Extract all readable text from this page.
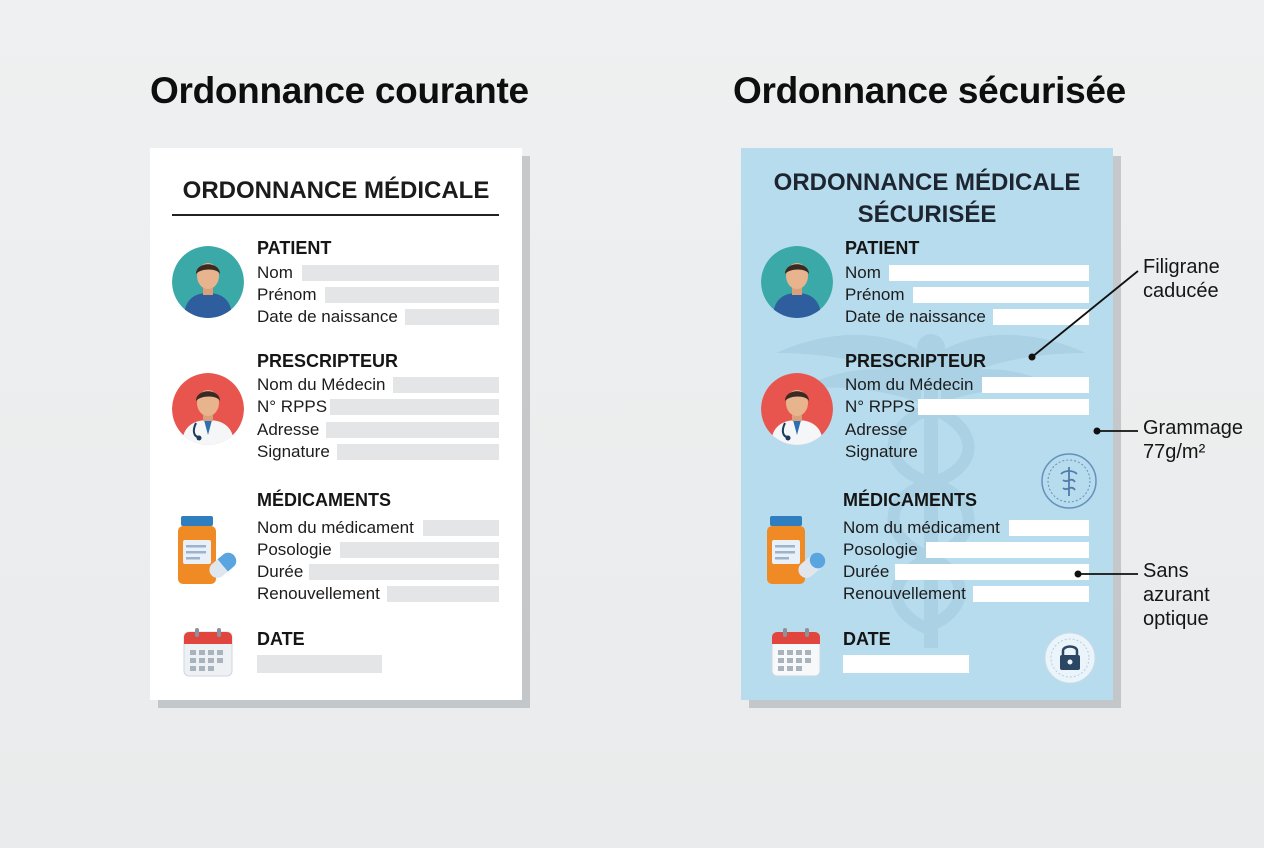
Ordonnance courante	Ordonnance sécurisée
ORDONNANCE MÉDICALE
PATIENT
Nom
Prénom
Date de naissance
PRESCRIPTEUR
Nom du Médecin
N° RPPS
Adresse
Signature
MÉDICAMENTS
Nom du médicament
Posologie
Durée
Renouvellement
DATE
ORDONNANCE MÉDICALE
SÉCURISÉE
PATIENT
Nom
Prénom
Date de naissance
PRESCRIPTEUR
Nom du Médecin
N° RPPS
Adresse
Signature
MÉDICAMENTS
Nom du médicament
Posologie
Durée
Renouvellement
DATE
Filigrane
caducée
Grammage
77g/m²
Sans
azurant
optique
